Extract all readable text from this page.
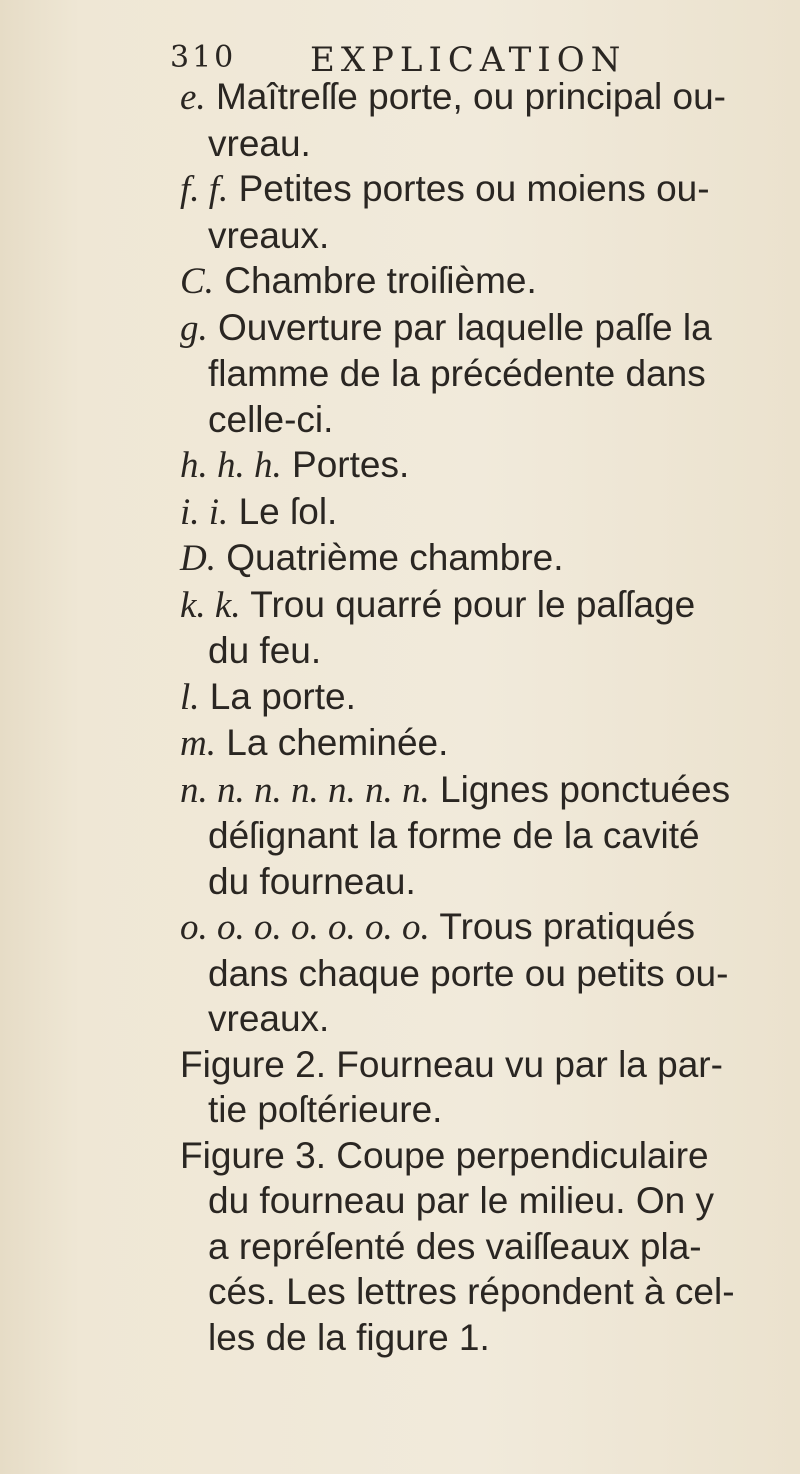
310 EXPLICATION
e. Maîtreſſe porte, ou principal ou-
vreau.
f. f. Petites portes ou moiens ou-
vreaux.
C. Chambre troiſième.
g. Ouverture par laquelle paſſe la
flamme de la précédente dans
celle-ci.
h. h. h. Portes.
i. i. Le ſol.
D. Quatrième chambre.
k. k. Trou quarré pour le paſſage
du feu.
l. La porte.
m. La cheminée.
n. n. n. n. n. n. n. Lignes ponctuées
déſignant la forme de la cavité
du fourneau.
o. o. o. o. o. o. o. Trous pratiqués
dans chaque porte ou petits ou-
vreaux.
Figure 2. Fourneau vu par la par-
tie poſtérieure.
Figure 3. Coupe perpendiculaire
du fourneau par le milieu. On y
a repréſenté des vaiſſeaux pla-
cés. Les lettres répondent à cel-
les de la figure 1.
